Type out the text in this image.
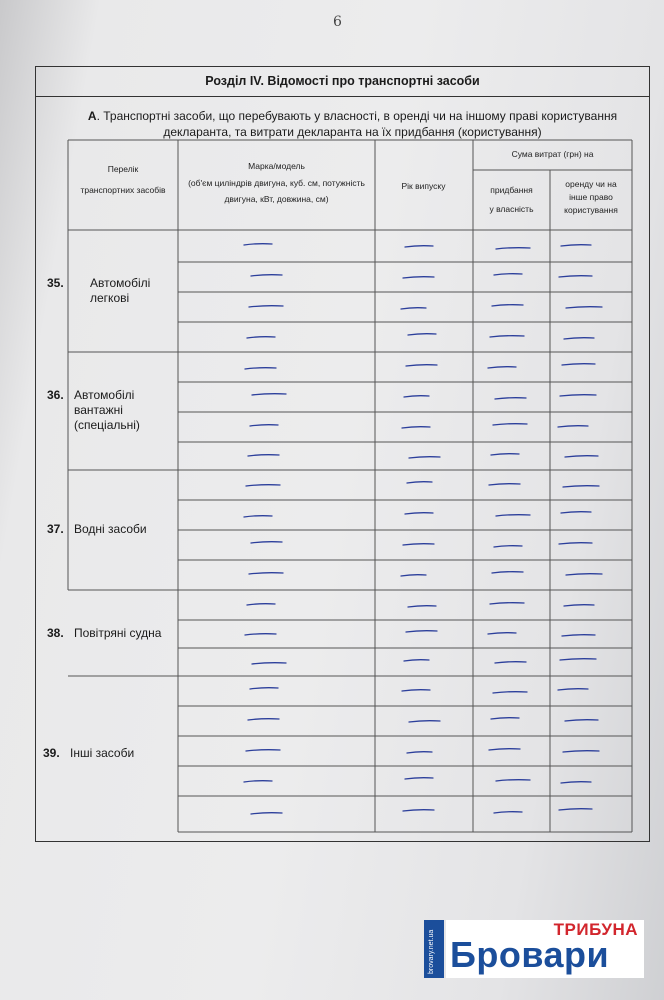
6
Розділ IV. Відомості про транспортні засоби
А. Транспортні засоби, що перебувають у власності, в оренді чи на іншому праві користування
декларанта, та витрати декларанта на їх придбання (користування)
Перелік
транспортних засобів
Марка/модель
(об'єм циліндрів двигуна, куб. см, потужність
двигуна, кВт, довжина, см)
Рік випуску
Сума витрат (грн) на
придбання
у власність
оренду чи на
інше право
користування
35. Автомобілі
легкові
36. Автомобілі
вантажні
(спеціальні)
37. Водні засоби
38. Повітряні судна
39. Інші засоби
brovary.net.ua
ТРИБУНА
Бровари
